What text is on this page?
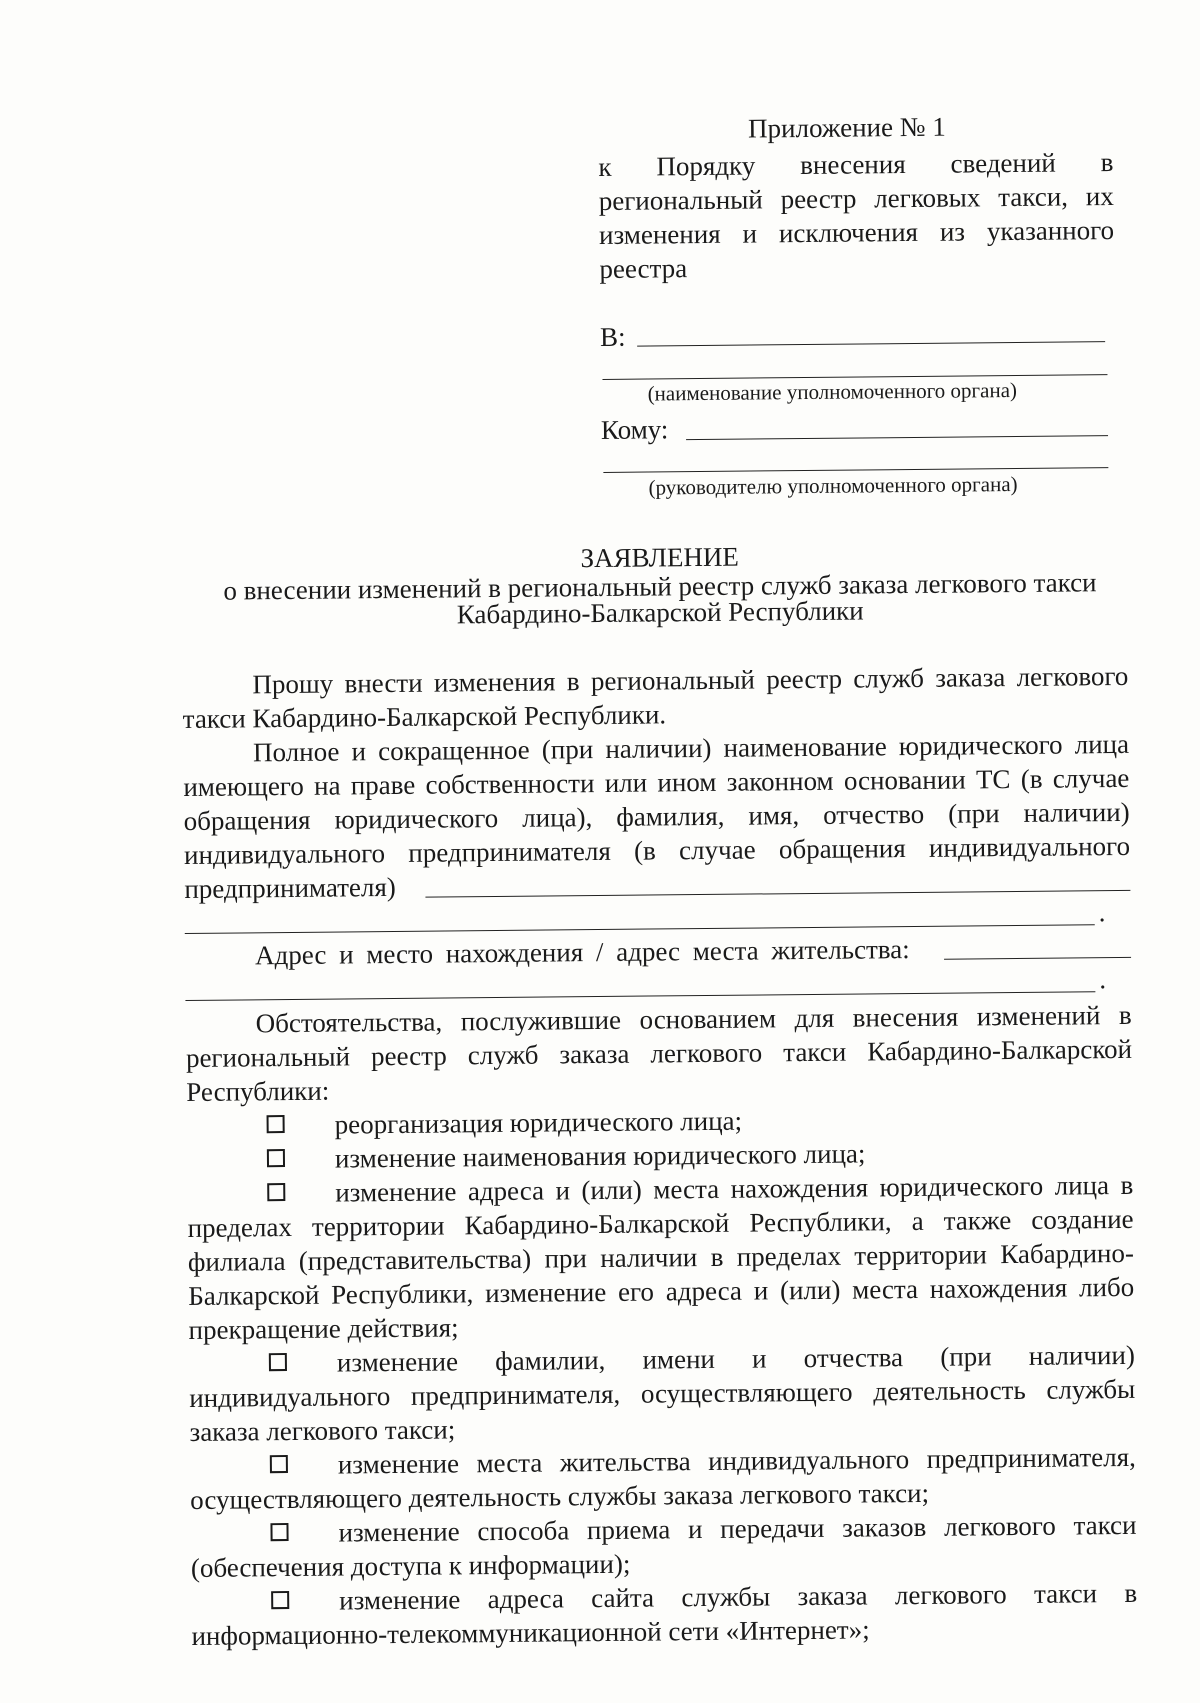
Приложение № 1
к Порядку внесения сведений в
региональный реестр легковых такси, их
изменения и исключения из указанного
реестра
В:
(наименование уполномоченного органа)
Кому:
(руководителю уполномоченного органа)
ЗАЯВЛЕНИЕ
о внесении изменений в региональный реестр служб заказа легкового такси
Кабардино-Балкарской Республики
Прошу внести изменения в региональный реестр служб заказа легкового
такси Кабардино-Балкарской Республики.
Полное и сокращенное (при наличии) наименование юридического лица
имеющего на праве собственности или ином законном основании ТС (в случае
обращения юридического лица), фамилия, имя, отчество (при наличии)
индивидуального предпринимателя (в случае обращения индивидуального
предпринимателя)
.
Адрес и место нахождения / адрес места жительства:
.
Обстоятельства, послужившие основанием для внесения изменений в
региональный реестр служб заказа легкового такси Кабардино-Балкарской
Республики:
реорганизация юридического лица;
изменение наименования юридического лица;
изменение адреса и (или) места нахождения юридического лица в
пределах территории Кабардино-Балкарской Республики, а также создание
филиала (представительства) при наличии в пределах территории Кабардино-
Балкарской Республики, изменение его адреса и (или) места нахождения либо
прекращение действия;
изменение фамилии, имени и отчества (при наличии)
индивидуального предпринимателя, осуществляющего деятельность службы
заказа легкового такси;
изменение места жительства индивидуального предпринимателя,
осуществляющего деятельность службы заказа легкового такси;
изменение способа приема и передачи заказов легкового такси
(обеспечения доступа к информации);
изменение адреса сайта службы заказа легкового такси в
информационно-телекоммуникационной сети «Интернет»;
